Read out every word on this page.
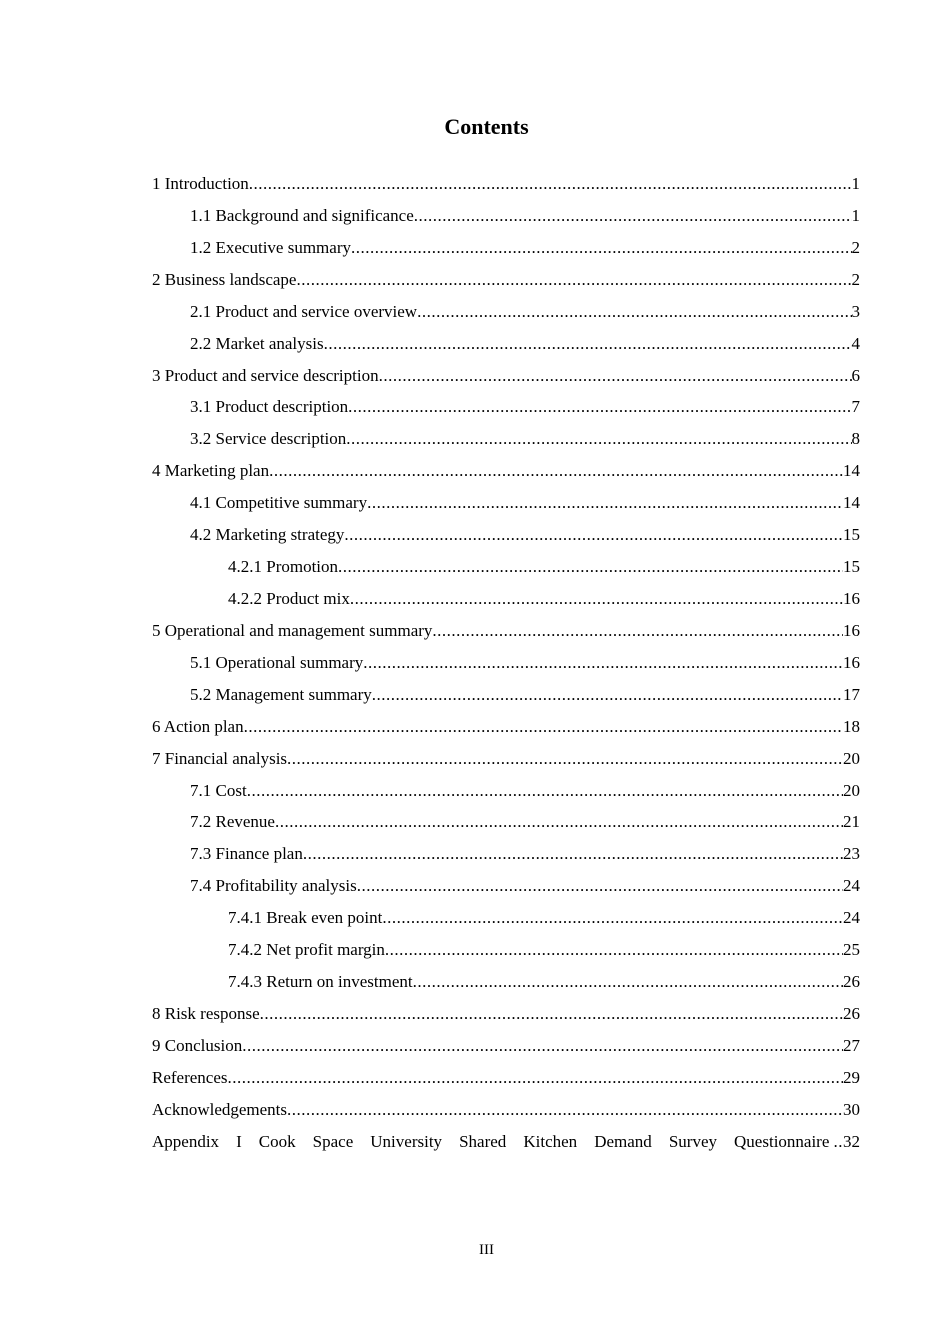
Contents
1 Introduction .....	1
1.1 Background and significance .....	1
1.2 Executive summary .....	2
2 Business landscape .....	2
2.1 Product and service overview .....	3
2.2 Market analysis .....	4
3 Product and service description .....	6
3.1 Product description .....	7
3.2 Service description .....	8
4 Marketing plan .....	14
4.1 Competitive summary .....	14
4.2 Marketing strategy .....	15
4.2.1 Promotion .....	15
4.2.2 Product mix .....	16
5 Operational and management summary .....	16
5.1 Operational summary .....	16
5.2 Management summary .....	17
6 Action plan .....	18
7 Financial analysis .....	20
7.1 Cost .....	20
7.2 Revenue .....	21
7.3 Finance plan .....	23
7.4 Profitability analysis .....	24
7.4.1 Break even point .....	24
7.4.2 Net profit margin .....	25
7.4.3 Return on investment .....	26
8 Risk response .....	26
9 Conclusion .....	27
References .....	29
Acknowledgements .....	30
Appendix I Cook Space University Shared Kitchen Demand Survey Questionnaire .. 32
III
